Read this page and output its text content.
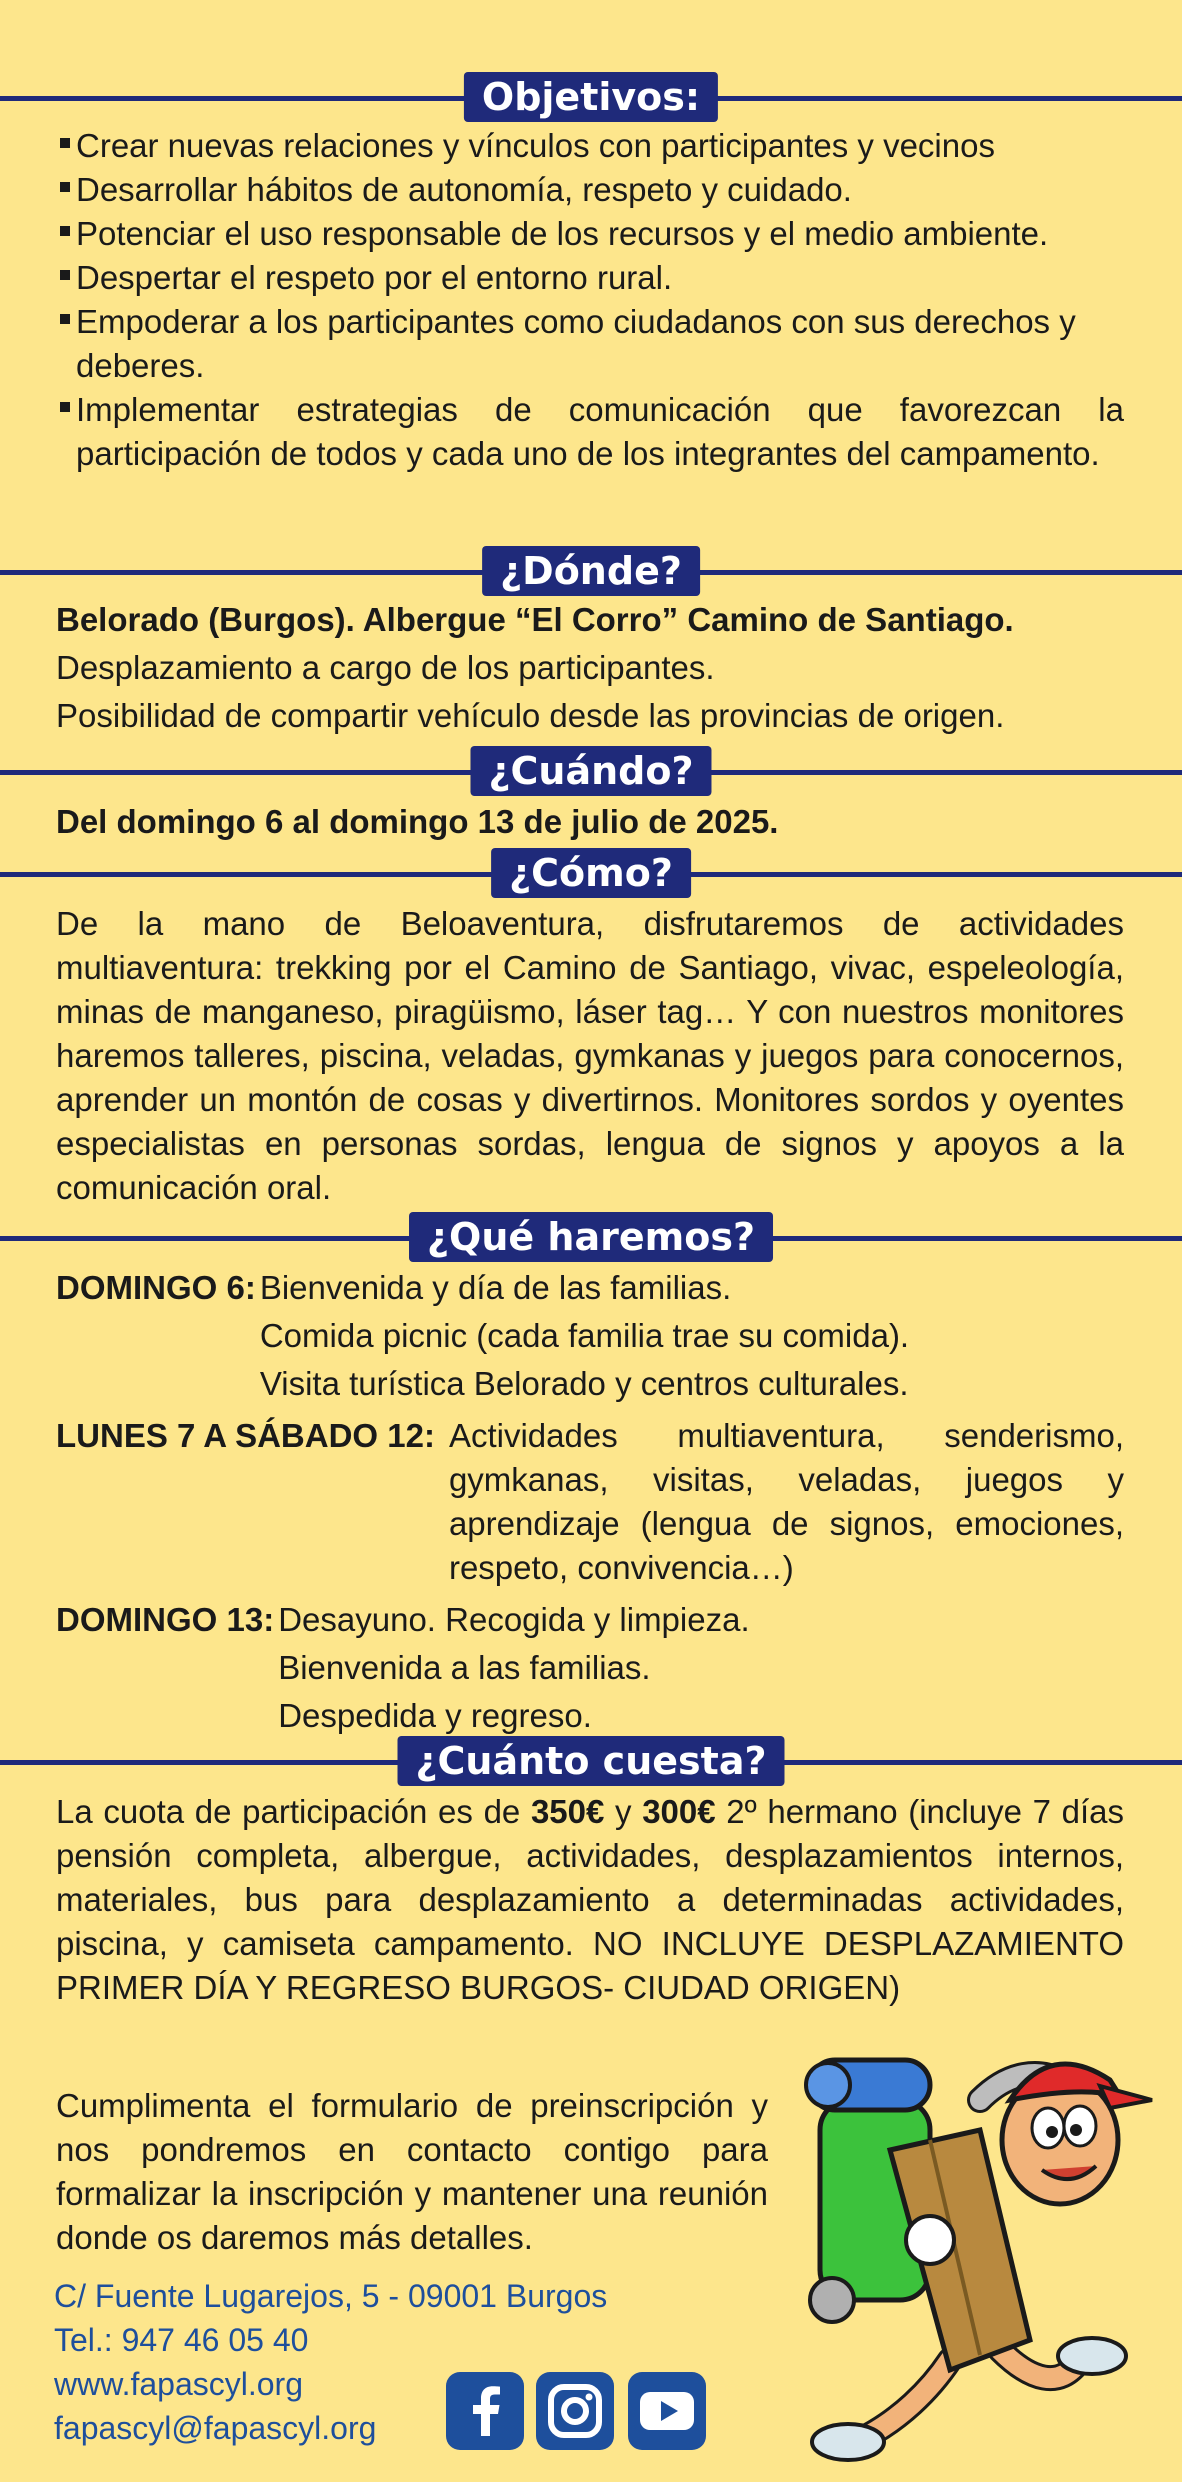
Objetivos:

Crear nuevas relaciones y vínculos con participantes y vecinos

Desarrollar hábitos de autonomía, respeto y cuidado.

Potenciar el uso responsable de los recursos y el medio ambiente.

Despertar el respeto por el entorno rural.

Empoderar a los participantes como ciudadanos con sus derechos y deberes.

Implementar estrategias de comunicación que favorezcan la participación de todos y cada uno de los integrantes del campamento.

¿Dónde?

Belorado (Burgos). Albergue “El Corro” Camino de Santiago.

Desplazamiento a cargo de los participantes.

Posibilidad de compartir vehículo desde las provincias de origen.

¿Cuándo?

Del domingo 6 al domingo 13 de julio de 2025.

¿Cómo?

De la mano de Beloaventura, disfrutaremos de actividades multiaventura: trekking por el Camino de Santiago, vivac, espeleología, minas de manganeso, piragüismo, láser tag… Y con nuestros monitores haremos talleres, piscina, veladas, gymkanas y juegos para conocernos, aprender un montón de cosas y divertirnos. Monitores sordos y oyentes especialistas en personas sordas, lengua de signos y apoyos a la comunicación oral.

¿Qué haremos?
DOMINGO 6: Bienvenida y día de las familias.
Comida picnic (cada familia trae su comida).
Visita turística Belorado y centros culturales.
LUNES 7 A SÁBADO 12: Actividades multiaventura, senderismo, gymkanas, visitas, veladas, juegos y aprendizaje (lengua de signos, emociones, respeto, convivencia…)
DOMINGO 13: Desayuno. Recogida y limpieza.
Bienvenida a las familias.
Despedida y regreso.
¿Cuánto cuesta?

La cuota de participación es de 350€ y 300€ 2º hermano (incluye 7 días pensión completa, albergue, actividades, desplazamientos internos, materiales, bus para desplazamiento a determinadas actividades, piscina, y camiseta campamento. NO INCLUYE DESPLAZAMIENTO PRIMER DÍA Y REGRESO BURGOS- CIUDAD ORIGEN)

Cumplimenta el formulario de preinscripción y nos pondremos en contacto contigo para formalizar la inscripción y mantener una reunión donde os daremos más detalles.

C/ Fuente Lugarejos, 5 - 09001 Burgos
Tel.: 947 46 05 40
www.fapascyl.org
fapascyl@fapascyl.org
